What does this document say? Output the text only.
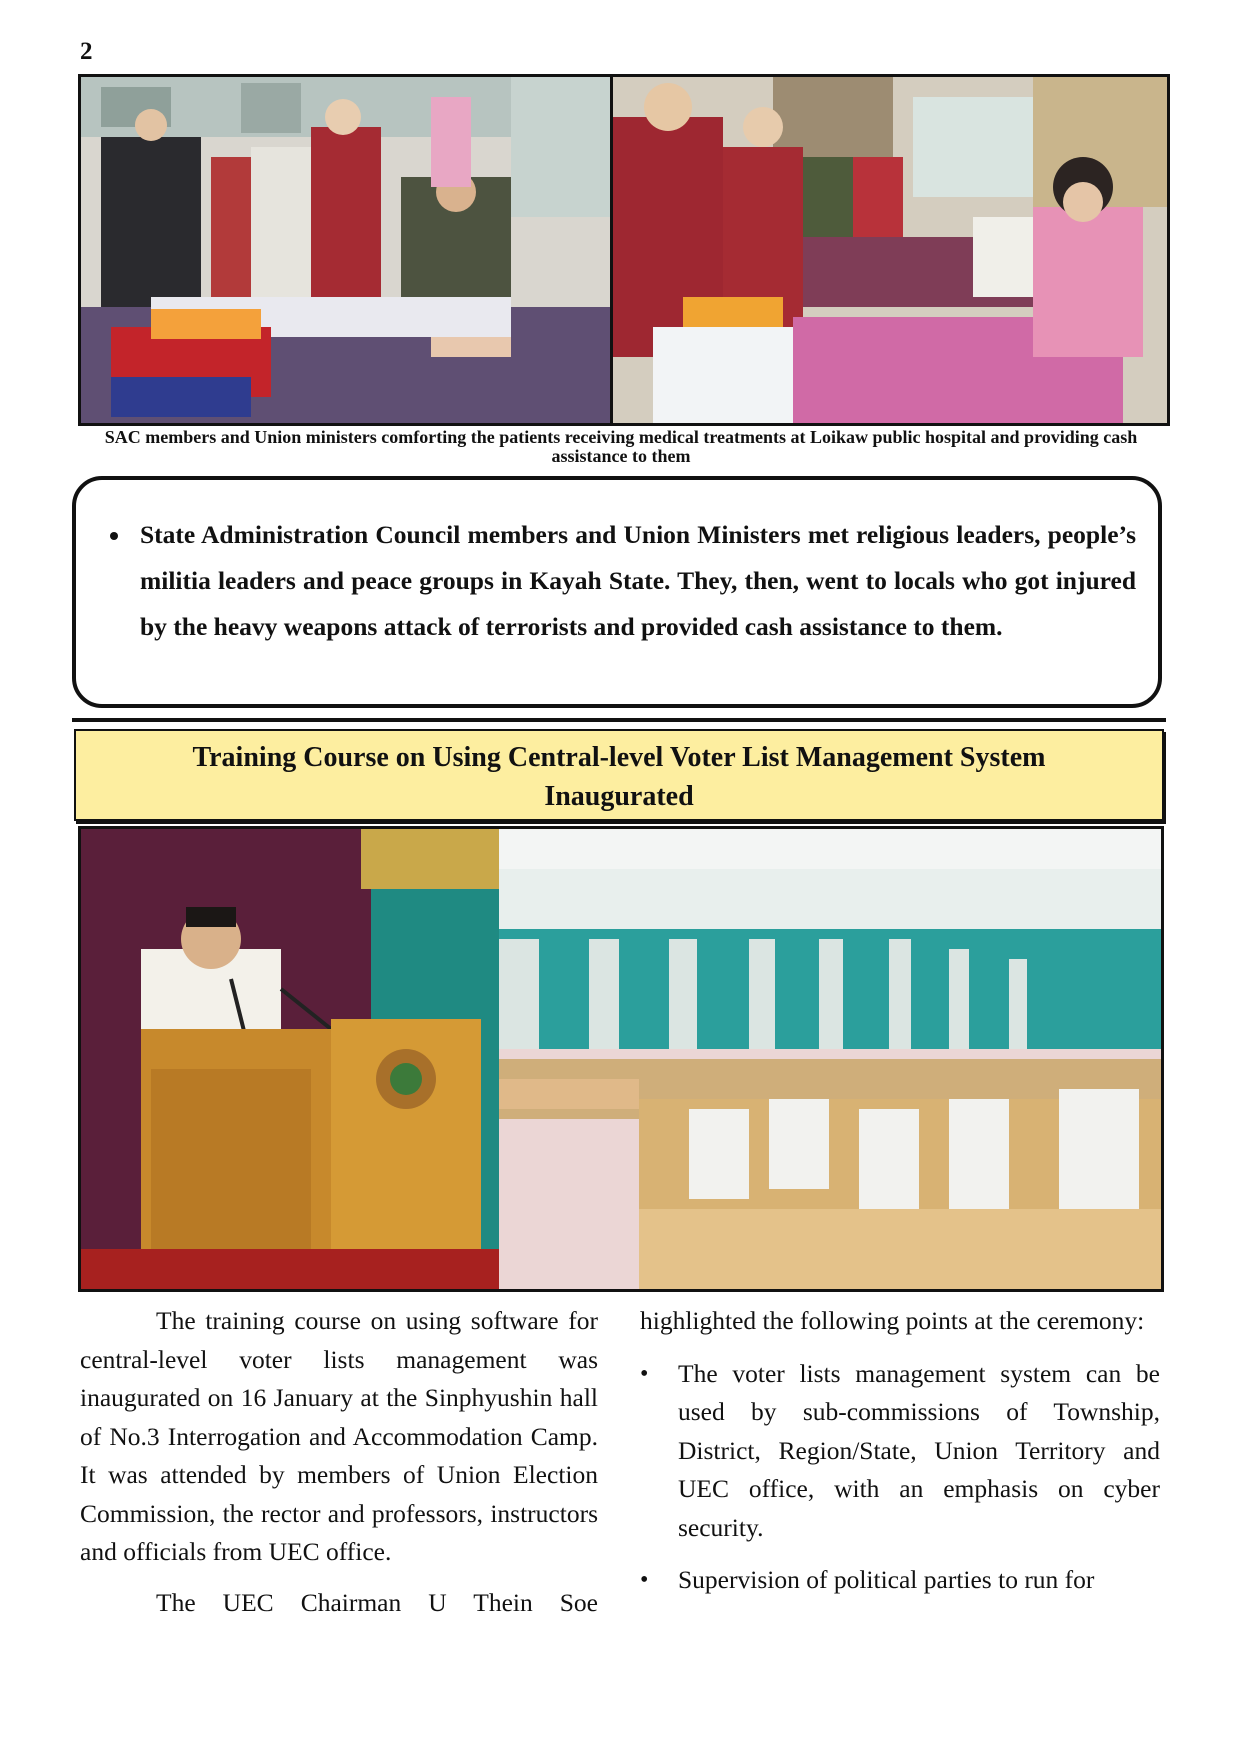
2
SAC members and Union ministers comforting the patients receiving medical treatments at Loikaw public hospital and providing cash assistance to them
• State Administration Council members and Union Ministers met religious leaders, people’s militia leaders and peace groups in Kayah State. They, then, went to locals who got injured by the heavy weapons attack of terrorists and provided cash assistance to them.
Training Course on Using Central-level Voter List Management System
Inaugurated

The training course on using software for central-level voter lists management was inaugurated on 16 January at the Sinphyushin hall of No.3 Interrogation and Accommodation Camp. It was attended by members of Union Election Commission, the rector and professors, instructors and officials from UEC office.

The UEC Chairman U Thein Soe

highlighted the following points at the ceremony:

• The voter lists management system can be used by sub-commissions of Township, District, Region/State, Union Territory and UEC office, with an emphasis on cyber security.
• Supervision of political parties to run for
